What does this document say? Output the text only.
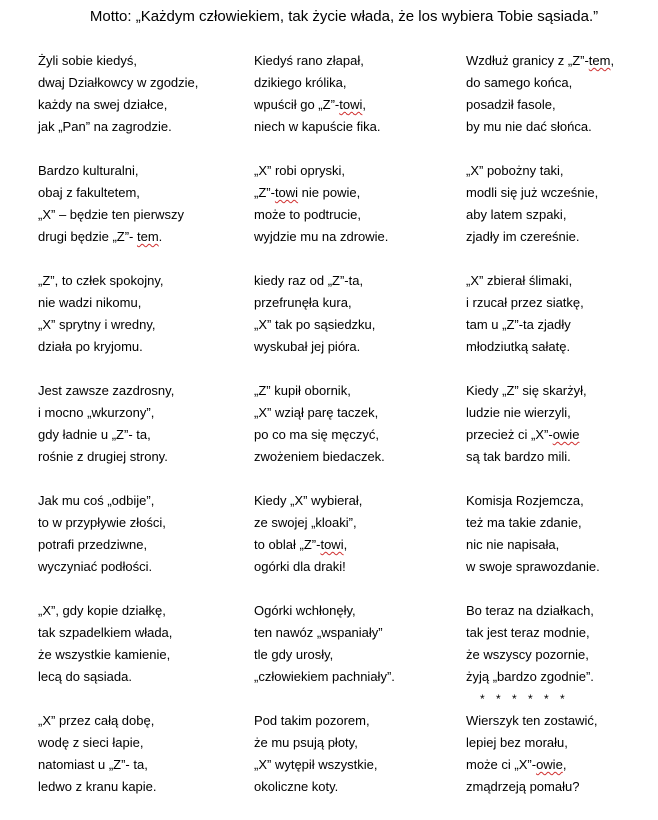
Motto: „Każdym człowiekiem, tak życie włada, że los wybiera Tobie sąsiada.”
Żyli sobie kiedyś,
dwaj Działkowcy w zgodzie,
każdy na swej działce,
jak „Pan” na zagrodzie.
Bardzo kulturalni,
obaj z fakultetem,
„X” – będzie ten pierwszy
drugi będzie „Z”- tem.
„Z”, to człek spokojny,
nie wadzi nikomu,
„X” sprytny i wredny,
działa po kryjomu.
Jest zawsze zazdrosny,
i mocno „wkurzony”,
gdy ładnie u „Z”- ta,
rośnie z drugiej strony.
Jak mu coś „odbije”,
to w przypływie złości,
potrafi przedziwne,
wyczyniać podłości.
„X”, gdy kopie działkę,
tak szpadelkiem włada,
że wszystkie kamienie,
lecą do sąsiada.
„X” przez całą dobę,
wodę z sieci łapie,
natomiast u „Z”- ta,
ledwo z kranu kapie.
Kiedyś rano złapał,
dzikiego królika,
wpuścił go „Z”-towi,
niech w kapuście fika.
„X” robi opryski,
„Z”-towi nie powie,
może to podtrucie,
wyjdzie mu na zdrowie.
kiedy raz od „Z”-ta,
przefrunęła kura,
„X” tak po sąsiedzku,
wyskubał jej pióra.
„Z” kupił obornik,
„X” wziął parę taczek,
po co ma się męczyć,
zwożeniem biedaczek.
Kiedy „X” wybierał,
ze swojej „kloaki”,
to oblał „Z”-towi,
ogórki dla draki!
Ogórki wchłonęły,
ten nawóz „wspaniały”
tle gdy urosły,
„człowiekiem pachniały”.
Pod takim pozorem,
że mu psują płoty,
„X” wytępił wszystkie,
okoliczne koty.
Wzdłuż granicy z „Z”-tem,
do samego końca,
posadził fasole,
by mu nie dać słońca.
„X” pobożny taki,
modli się już wcześnie,
aby latem szpaki,
zjadły im czereśnie.
„X” zbierał ślimaki,
i rzucał przez siatkę,
tam u „Z”-ta zjadły
młodziutką sałatę.
Kiedy „Z” się skarżył,
ludzie nie wierzyli,
przecież ci „X”-owie
są tak bardzo mili.
Komisja Rozjemcza,
też ma takie zdanie,
nic nie napisała,
w swoje sprawozdanie.
Bo teraz na działkach,
tak jest teraz modnie,
że wszyscy pozornie,
żyją „bardzo zgodnie”.
* * * * * *
Wierszyk ten zostawić,
lepiej bez morału,
może ci „X”-owie,
zmądrzeją pomału?
